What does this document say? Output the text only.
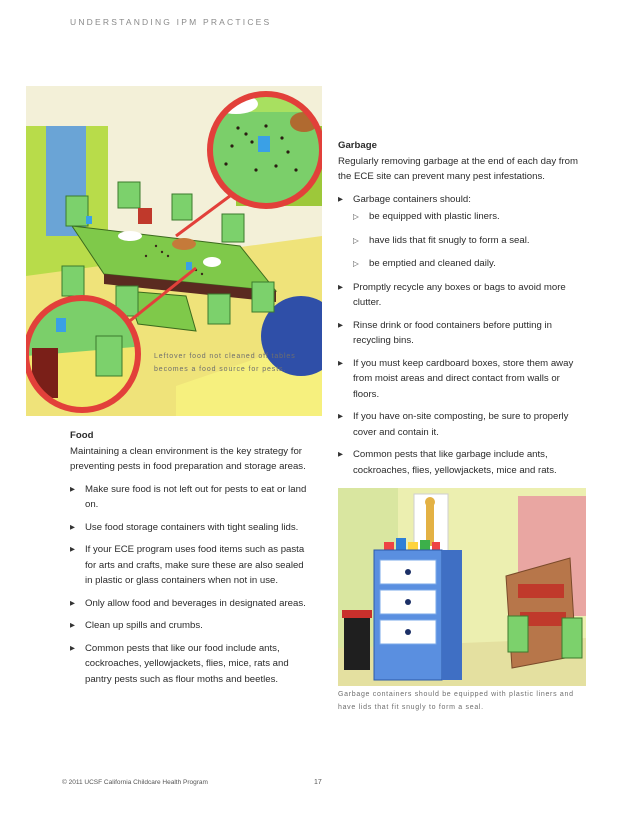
UNDERSTANDING IPM PRACTICES
Leftover food not cleaned off tables becomes a food source for pests.
Food

Maintaining a clean environment is the key strategy for preventing pests in food preparation and storage areas.

▶ Make sure food is not left out for pests to eat or land on.
▶ Use food storage containers with tight sealing lids.
▶ If your ECE program uses food items such as pasta for arts and crafts, make sure these are also sealed in plastic or glass containers when not in use.
▶ Only allow food and beverages in designated areas.
▶ Clean up spills and crumbs.
▶ Common pests that like our food include ants, cockroaches, yellowjackets, flies, mice, rats and pantry pests such as flour moths and beetles.
Garbage

Regularly removing garbage at the end of each day from the ECE site can prevent many pest infestations.

▶ Garbage containers should:
▷ be equipped with plastic liners.
▷ have lids that fit snugly to form a seal.
▷ be emptied and cleaned daily.
▶ Promptly recycle any boxes or bags to avoid more clutter.
▶ Rinse drink or food containers before putting in recycling bins.
▶ If you must keep cardboard boxes, store them away from moist areas and direct contact from walls or floors.
▶ If you have on-site composting, be sure to properly cover and contain it.
▶ Common pests that like garbage include ants, cockroaches, flies, yellowjackets, mice and rats.
Garbage containers should be equipped with plastic liners and have lids that fit snugly to form a seal.
© 2011 UCSF California Childcare Health Program	17
